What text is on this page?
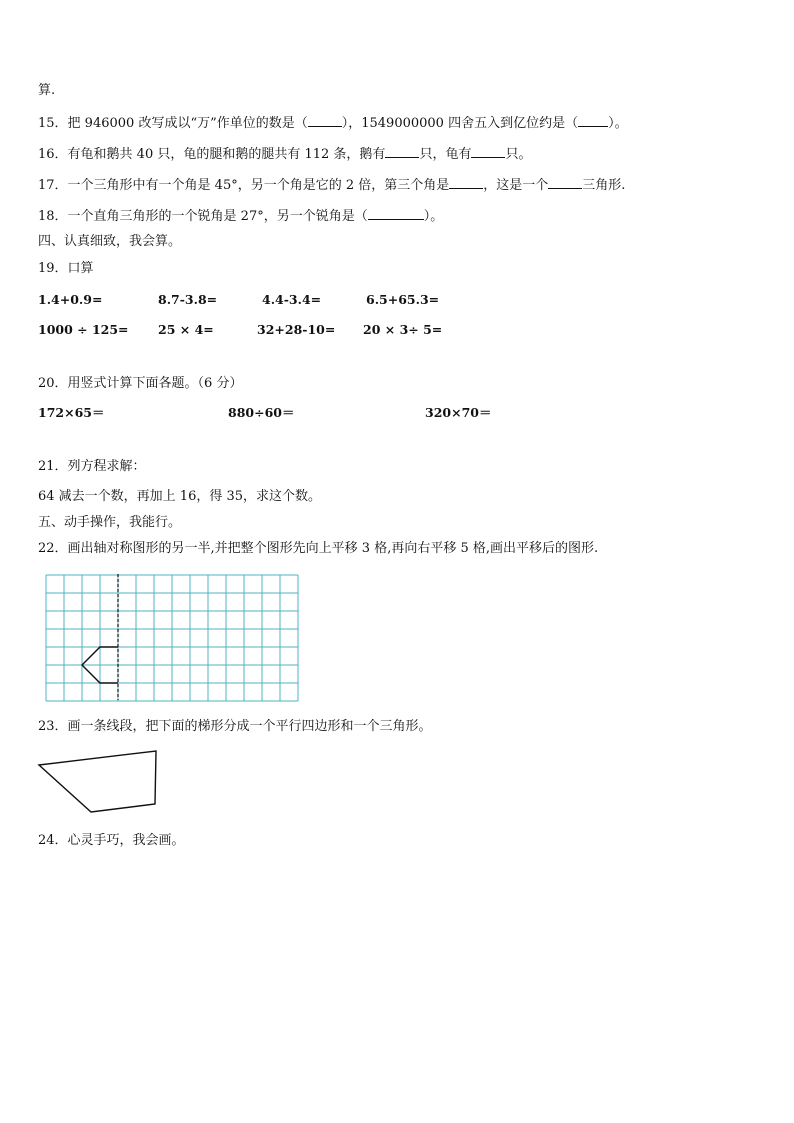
算.
15．把 946000 改写成以“万”作单位的数是（	），1549000000 四舍五入到亿位约是（ ）。
16．有龟和鹅共 40 只，龟的腿和鹅的腿共有 112 条，鹅有	只，龟有	只。
17．一个三角形中有一个角是 45°，另一个角是它的 2 倍，第三个角是	，这是一个	三角形.
18．一个直角三角形的一个锐角是 27°，另一个锐角是（	）。
四、认真细致，我会算。
19．口算
1.4+0.9=	8.7-3.8=	4.4-3.4=	6.5+65.3=
1000 ÷ 125= 25 × 4=	32+28-10= 20 × 3÷ 5=
20．用竖式计算下面各题。（6 分）
172×65＝	880÷60＝	320×70＝
21．列方程求解：
64 减去一个数，再加上 16，得 35，求这个数。
五、动手操作，我能行。
22．画出轴对称图形的另一半,并把整个图形先向上平移 3 格,再向右平移 5 格,画出平移后的图形.
23．画一条线段，把下面的梯形分成一个平行四边形和一个三角形。
24．心灵手巧，我会画。
